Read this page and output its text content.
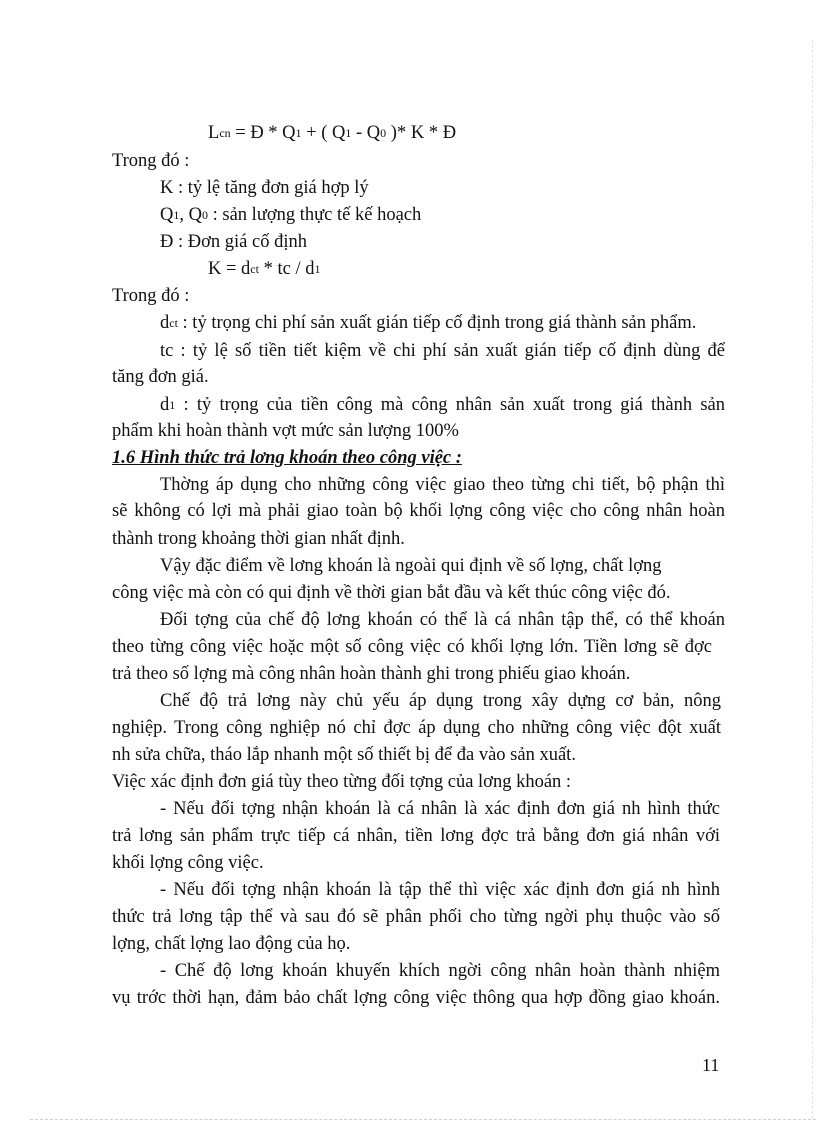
Lcn = Đ * Q1 + ( Q1 - Q0 )* K * Đ
Trong đó :
K : tỷ lệ tăng đơn giá hợp lý
Q1, Q0 : sản lượng thực tế kế hoạch
Đ : Đơn giá cố định
K = dct * tc / d1
Trong đó :
dct : tỷ trọng chi phí sản xuất gián tiếp cố định trong giá thành sản phẩm.
tc : tỷ lệ số tiền tiết kiệm về chi phí sản xuất gián tiếp cố định dùng để
tăng đơn giá.
d1 : tỷ trọng của tiền công mà công nhân sản xuất trong giá thành sản
phẩm khi hoàn thành vợt mức sản lượng 100%
1.6 Hình thức trả lơng khoán theo công việc :
Thờng áp dụng cho những công việc giao theo từng chi tiết, bộ phận thì
sẽ không có lợi mà phải giao toàn bộ khối lợng công việc cho công nhân hoàn
thành trong khoảng thời gian nhất định.
Vậy đặc điểm về lơng khoán là ngoài qui định về số lợng, chất lợng
công việc mà còn có qui định về thời gian bắt đầu và kết thúc công việc đó.
Đối tợng của chế độ lơng khoán có thể là cá nhân tập thể, có thể khoán
theo từng công việc hoặc một số công việc có khối lợng lớn. Tiền lơng sẽ đợc
trả theo số lợng mà công nhân hoàn thành ghi trong phiếu giao khoán.
Chế độ trả lơng này chủ yếu áp dụng trong xây dựng cơ bản, nông
nghiệp. Trong công nghiệp nó chỉ đợc áp dụng cho những công việc đột xuất
nh sửa chữa, tháo lắp nhanh một số thiết bị để đa vào sản xuất.
Việc xác định đơn giá tùy theo từng đối tợng của lơng khoán :
- Nếu đối tợng nhận khoán là cá nhân là xác định đơn giá nh hình thức
trả lơng sản phẩm trực tiếp cá nhân, tiền lơng đợc trả bằng đơn giá nhân với
khối lợng công việc.
- Nếu đối tợng nhận khoán là tập thể thì việc xác định đơn giá nh hình
thức trả lơng tập thể và sau đó sẽ phân phối cho từng ngời phụ thuộc vào số
lợng, chất lợng lao động của họ.
- Chế độ lơng khoán khuyến khích ngời công nhân hoàn thành nhiệm
vụ trớc thời hạn, đảm bảo chất lợng công việc thông qua hợp đồng giao khoán.
11
